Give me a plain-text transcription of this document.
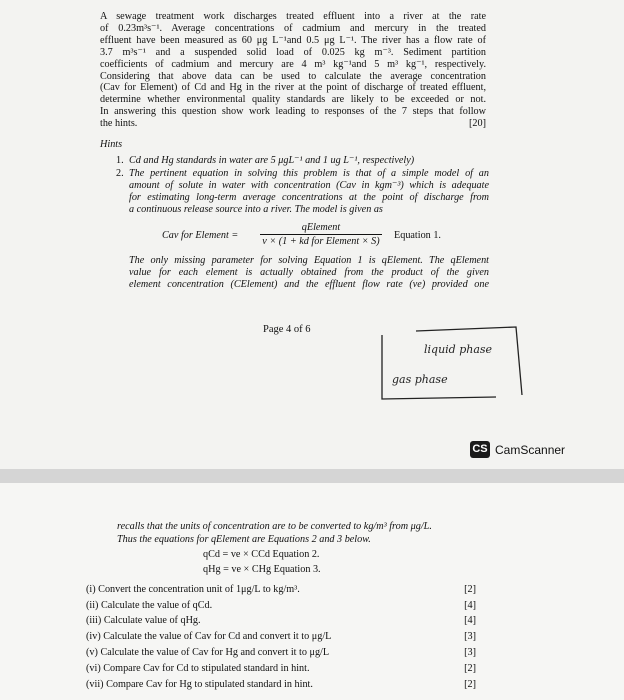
A sewage treatment work discharges treated effluent into a river at the rate
of 0.23m³s⁻¹. Average concentrations of cadmium and mercury in the treated
effluent have been measured as 60 μg L⁻¹and 0.5 μg L⁻¹. The river has a flow rate of
3.7 m³s⁻¹ and a suspended solid load of 0.025 kg m⁻³. Sediment partition
coefficients of cadmium and mercury are 4 m³ kg⁻¹and 5 m³ kg⁻¹, respectively.
Considering that above data can be used to calculate the average concentration
(Cav for Element) of Cd and Hg in the river at the point of discharge of treated effluent,
determine whether environmental quality standards are likely to be exceeded or not.
In answering this question show work leading to responses of the 7 steps that follow
the hints.	[20]
Hints
1. Cd and Hg standards in water are 5 μgL⁻¹ and 1 ug L⁻¹, respectively)
2. The pertinent equation in solving this problem is that of a simple model of an
amount of solute in water with concentration (Cav in kgm⁻³) which is adequate
for estimating long-term average concentrations at the point of discharge from
a continuous release source into a river. The model is given as
Cav for Element =
qElement
v × (1 + kd for Element × S)
Equation 1.
The only missing parameter for solving Equation 1 is qElement. The qElement
value for each element is actually obtained from the product of the given
element concentration (CElement) and the effluent flow rate (ve) provided one
Page 4 of 6
liquid phase
gas phase
CS CamScanner
recalls that the units of concentration are to be converted to kg/m³ from μg/L.
Thus the equations for qElement are Equations 2 and 3 below.
qCd = ve × CCd Equation 2.
qHg = ve × CHg Equation 3.
(i) Convert the concentration unit of 1μg/L to kg/m³.	[2]
(ii) Calculate the value of qCd.	[4]
(iii) Calculate value of qHg.	[4]
(iv) Calculate the value of Cav for Cd and convert it to μg/L	[3]
(v) Calculate the value of Cav for Hg and convert it to μg/L	[3]
(vi) Compare Cav for Cd to stipulated standard in hint.	[2]
(vii) Compare Cav for Hg to stipulated standard in hint.	[2]
